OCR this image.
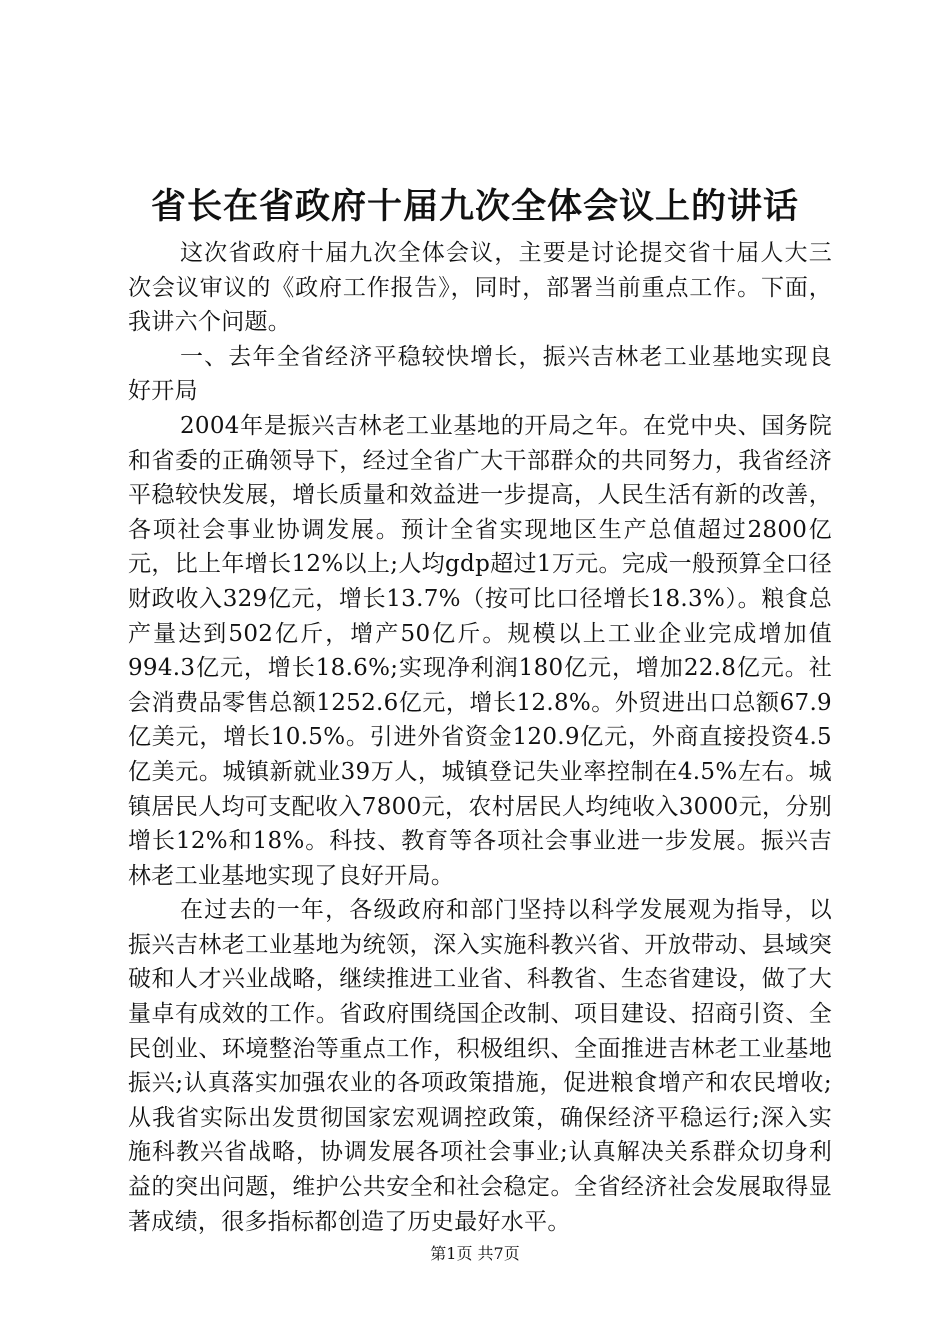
省长在省政府十届九次全体会议上的讲话

这次省政府十届九次全体会议，主要是讨论提交省十届人大三次会议审议的《政府工作报告》，同时，部署当前重点工作。下面，我讲六个问题。

一、去年全省经济平稳较快增长，振兴吉林老工业基地实现良好开局

2004年是振兴吉林老工业基地的开局之年。在党中央、国务院和省委的正确领导下，经过全省广大干部群众的共同努力，我省经济平稳较快发展，增长质量和效益进一步提高，人民生活有新的改善，各项社会事业协调发展。预计全省实现地区生产总值超过2800亿元，比上年增长12%以上;人均gdp超过1万元。完成一般预算全口径财政收入329亿元，增长13.7%（按可比口径增长18.3%）。粮食总产量达到502亿斤，增产50亿斤。规模以上工业企业完成增加值994.3亿元，增长18.6%;实现净利润180亿元，增加22.8亿元。社会消费品零售总额1252.6亿元，增长12.8%。外贸进出口总额67.9亿美元，增长10.5%。引进外省资金120.9亿元，外商直接投资4.5亿美元。城镇新就业39万人，城镇登记失业率控制在4.5%左右。城镇居民人均可支配收入7800元，农村居民人均纯收入3000元，分别增长12%和18%。科技、教育等各项社会事业进一步发展。振兴吉林老工业基地实现了良好开局。

在过去的一年，各级政府和部门坚持以科学发展观为指导，以振兴吉林老工业基地为统领，深入实施科教兴省、开放带动、县域突破和人才兴业战略，继续推进工业省、科教省、生态省建设，做了大量卓有成效的工作。省政府围绕国企改制、项目建设、招商引资、全民创业、环境整治等重点工作，积极组织、全面推进吉林老工业基地振兴;认真落实加强农业的各项政策措施，促进粮食增产和农民增收;从我省实际出发贯彻国家宏观调控政策，确保经济平稳运行;深入实施科教兴省战略，协调发展各项社会事业;认真解决关系群众切身利益的突出问题，维护公共安全和社会稳定。全省经济社会发展取得显著成绩，很多指标都创造了历史最好水平。

第1页 共7页
